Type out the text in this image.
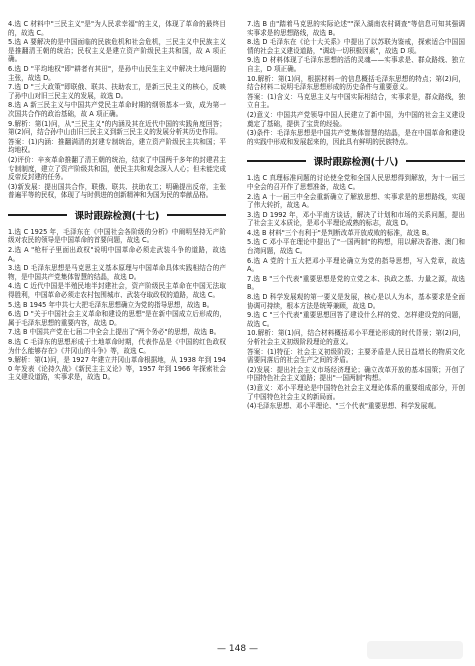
4.选 C 材料中"三民主义"是"为人民求幸福"的主义，体现了革命的最终目的，故选 C。

5.选 A 要解决的是中国面临的民族危机和社会危机，三民主义中民族主义是推翻清王朝的统治；民权主义是建立资产阶级民主共和国，故 A 项正确。

6.选 D "平均地权"即"耕者有其田"，是孙中山民生主义中解决土地问题的主张，故选 D。

7.选 D "三大政策"即联俄、联共、扶助农工，是新三民主义的核心，反映了孙中山对旧三民主义的发展，故选 D。

8.选 A 新三民主义与中国共产党民主革命时期的纲领基本一致，成为第一次国共合作的政治基础，故 A 项正确。

9.解析：第(1)问，从"三民主义"的内涵及其在近代中国的实践角度回答；第(2)问，结合孙中山由旧三民主义到新三民主义的发展分析其历史作用。

答案：(1)内涵：推翻满清的封建专制统治，建立资产阶级民主共和国；平均地权。

(2)评价：辛亥革命推翻了清王朝的统治，结束了中国两千多年的封建君主专制制度，建立了资产阶级共和国，使民主共和观念深入人心；但未能完成反帝反封建的任务。

(3)新发展：提出国共合作，联俄、联共、扶助农工；明确提出反帝，主张普遍平等的民权，体现了与时俱进的创新精神和为国为民的奉献品格。

课时跟踪检测(十七)

1.选 C 1925 年，毛泽东在《中国社会各阶级的分析》中阐明坚持无产阶级对农民的领导是中国革命的首要问题，故选 C。

2.选 A "枪杆子里面出政权"说明中国革命必须走武装斗争的道路，故选 A。

3.选 D 毛泽东思想是马克思主义基本原理与中国革命具体实践相结合的产物，是中国共产党集体智慧的结晶，故选 D。

4.选 C 近代中国是半殖民地半封建社会，资产阶级民主革命在中国无法取得胜利，中国革命必须走农村包围城市、武装夺取政权的道路，故选 C。

5.选 B 1945 年中共七大把毛泽东思想确立为党的指导思想，故选 B。

6.选 D "关于中国社会主义革命和建设的思想"是在新中国成立后形成的，属于毛泽东思想的重要内容，故选 D。

7.选 B 中国共产党在七届二中全会上提出了"两个务必"的思想，故选 B。

8.选 C 毛泽东的思想形成于土地革命时期，代表作品是《中国的红色政权为什么能够存在》《井冈山的斗争》等，故选 C。

9.解析：第(1)问，是 1927 年建立井冈山革命根据地，从 1938 年到 1940 年发表《论持久战》《新民主主义论》等，1957 年到 1966 年探索社会主义建设道路，实事求是，故选 D。

7.选 B 由"踏着马克思的实际论述""深入湖南农村调查"等信息可知其强调实事求是的思想路线，故选 B。

8.选 D 毛泽东在《论十大关系》中提出了以苏联为鉴戒，探索适合中国国情的社会主义建设道路，"调动一切积极因素"，故选 D 项。

9.选 D 材料体现了毛泽东思想的活的灵魂——实事求是、群众路线、独立自主，D 项正确。

10.解析：第(1)问，根据材料一的信息概括毛泽东思想的特点；第(2)问，结合材料二说明毛泽东思想形成的历史条件与重要意义。

答案：(1)含义：马克思主义与中国实际相结合，实事求是，群众路线，独立自主。

(2)意义：中国共产党领导中国人民建立了新中国，为中国的社会主义建设奠定了基础，提供了宝贵的经验。

(3)条件：毛泽东思想是中国共产党集体智慧的结晶，是在中国革命和建设的实践中形成和发展起来的，因此具有鲜明的民族特点。

课时跟踪检测(十八)

1.选 C 真理标准问题的讨论使全党和全国人民思想得到解放，为十一届三中全会的召开作了思想准备，故选 C。

2.选 A 十一届三中全会重新确立了解放思想、实事求是的思想路线，实现了伟大转折，故选 A。

3.选 D 1992 年，邓小平南方谈话，解决了计划和市场的关系问题，提出了社会主义本质论，是邓小平理论成熟的标志，故选 D。

4.选 B 材料"三个有利于"是判断改革开放成败的标准，故选 B。

5.选 C 邓小平在理论中提出了"一国两制"的构想，用以解决香港、澳门和台湾问题，故选 C。

6.选 A 党的十五大把邓小平理论确立为党的指导思想，写入党章，故选 A。

7.选 B "三个代表"重要思想是党的立党之本、执政之基、力量之源，故选 B。

8.选 D 科学发展观的第一要义是发展，核心是以人为本，基本要求是全面协调可持续，根本方法是统筹兼顾，故选 D。

9.选 C "三个代表"重要思想回答了建设什么样的党、怎样建设党的问题，故选 C。

10.解析：第(1)问，结合材料概括邓小平理论形成的时代背景；第(2)问，分析社会主义初级阶段理论的意义。

答案：(1)特征：社会主义初级阶段；主要矛盾是人民日益增长的物质文化需要同落后的社会生产之间的矛盾。

(2)发展：提出社会主义市场经济理论；确立改革开放的基本国策；开创了中国特色社会主义道路；提出"一国两制"构想。

(3)意义：邓小平理论是中国特色社会主义理论体系的重要组成部分，开创了中国特色社会主义的新局面。

(4)毛泽东思想、邓小平理论、"三个代表"重要思想、科学发展观。

— 148 —
